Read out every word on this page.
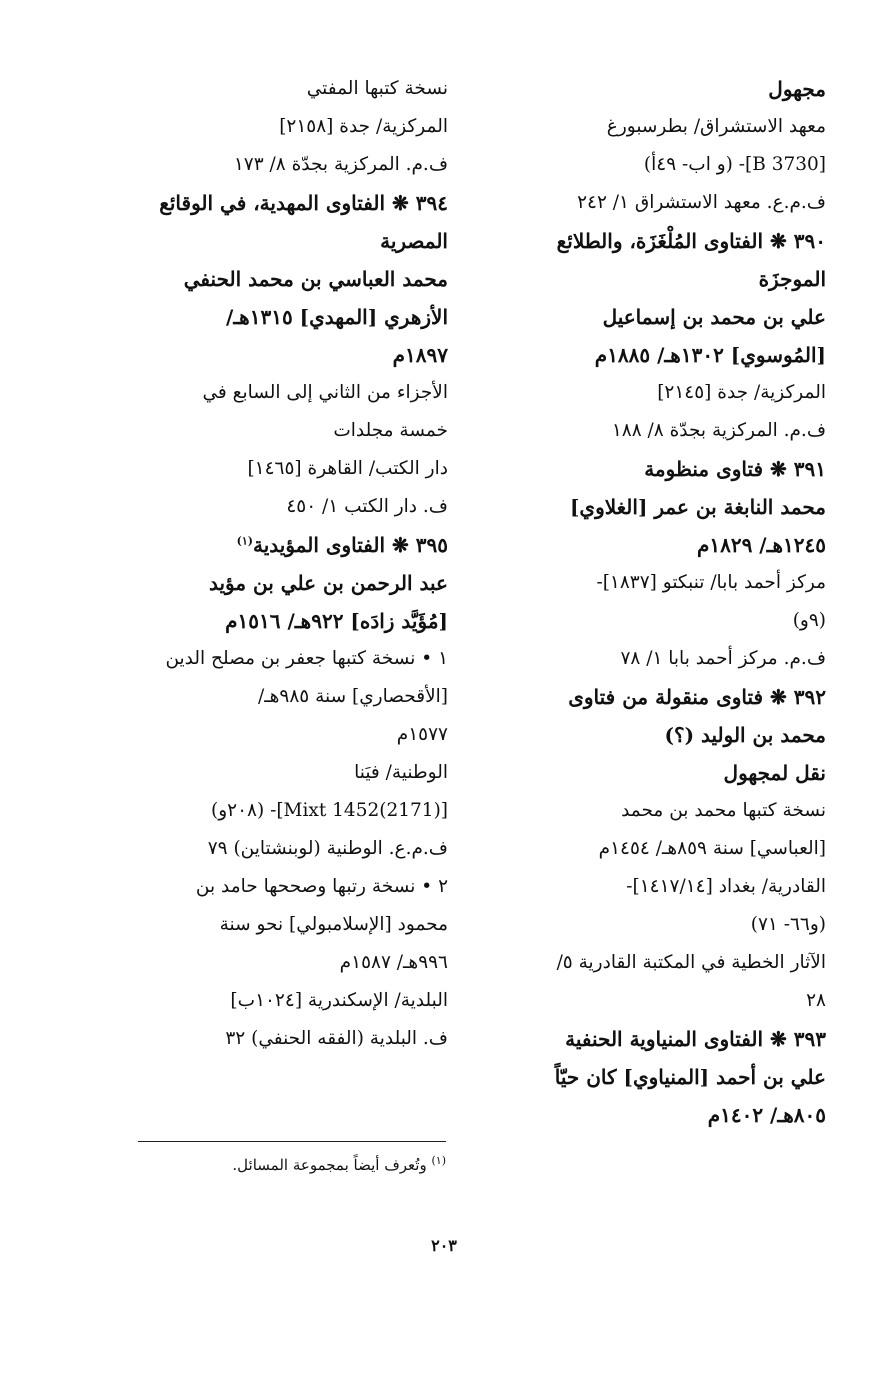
مجهول
معهد الاستشراق/ بطرسبورغ
[B 3730]- (و اب- ٤٩أ)
ف.م.ع. معهد الاستشراق ١/ ٢٤٢
٣٩٠ ❋ الفتاوى المُلْغَزَة، والطلائع
الموجزَة
علي بن محمد بن إسماعيل
[المُوسوي] ١٣٠٢هـ/ ١٨٨٥م
المركزية/ جدة [٢١٤٥]
ف.م. المركزية بجدّة ٨/ ١٨٨
٣٩١ ❋ فتاوى منظومة
محمد النابغة بن عمر [الغلاوي]
١٢٤٥هـ/ ١٨٢٩م
مركز أحمد بابا/ تنبكتو [١٨٣٧]-
(٩و)
ف.م. مركز أحمد بابا ١/ ٧٨
٣٩٢ ❋ فتاوى منقولة من فتاوى
محمد بن الوليد (؟)
نقل لمجهول
نسخة كتبها محمد بن محمد
[العباسي] سنة ٨٥٩هـ/ ١٤٥٤م
القادرية/ بغداد [١٤١٧/١٤]-
(و٦٦- ٧١)
الآثار الخطية في المكتبة القادرية ٥/
٢٨
٣٩٣ ❋ الفتاوى المنياوية الحنفية
علي بن أحمد [المنياوي] كان حيّاً
٨٠٥هـ/ ١٤٠٢م
نسخة كتبها المفتي
المركزية/ جدة [٢١٥٨]
ف.م. المركزية بجدّة ٨/ ١٧٣
٣٩٤ ❋ الفتاوى المهدية، في الوقائع
المصرية
محمد العباسي بن محمد الحنفي
الأزهري [المهدي] ١٣١٥هـ/
١٨٩٧م
الأجزاء من الثاني إلى السابع في
خمسة مجلدات
دار الكتب/ القاهرة [١٤٦٥]
ف. دار الكتب ١/ ٤٥٠
٣٩٥ ❋ الفتاوى المؤيدية$^{(١)}$
عبد الرحمن بن علي بن مؤيد
[مُؤَيَّد زادَه] ٩٢٢هـ/ ١٥١٦م
١ • نسخة كتبها جعفر بن مصلح الدين
[الأقحصاري] سنة ٩٨٥هـ/
١٥٧٧م
الوطنية/ فيَنا
[(2171)Mixt 1452]- (٢٠٨و)
ف.م.ع. الوطنية (لوبنشتاين) ٧٩
٢ • نسخة رتبها وصححها حامد بن
محمود [الإسلامبولي] نحو سنة
٩٩٦هـ/ ١٥٨٧م
البلدية/ الإسكندرية [١٠٢٤ب]
ف. البلدية (الفقه الحنفي) ٣٢
$^{(١)}$ وتُعرف أيضاً بمجموعة المسائل.
٢٠٣
